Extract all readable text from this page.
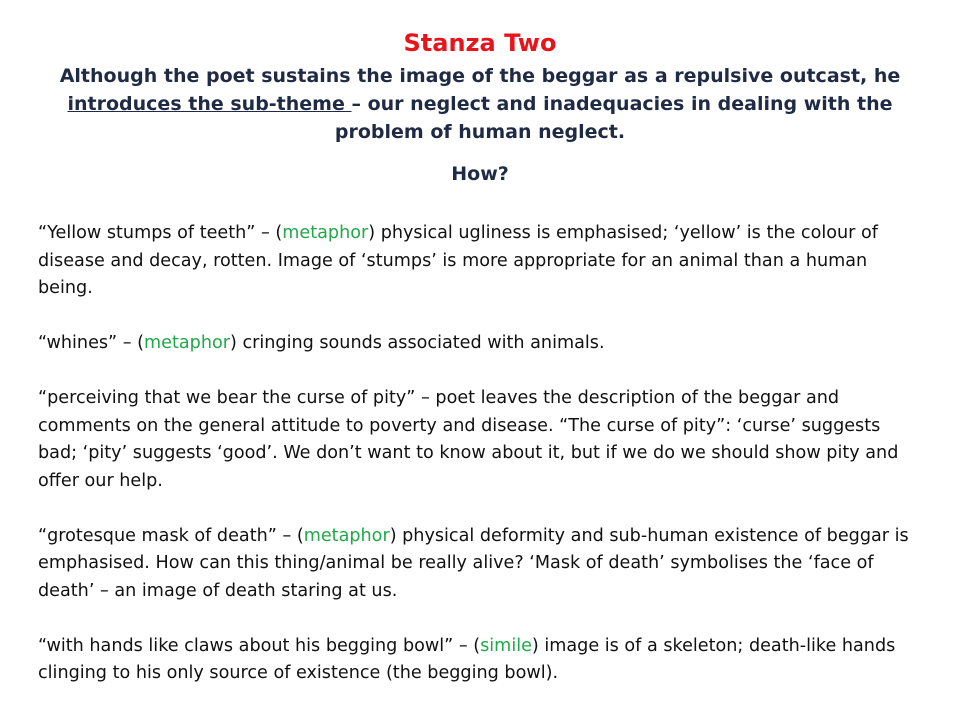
Stanza Two
Although the poet sustains the image of the beggar as a repulsive outcast, he introduces the sub-theme – our neglect and inadequacies in dealing with the problem of human neglect.
How?

“Yellow stumps of teeth” – (metaphor) physical ugliness is emphasised; ‘yellow’ is the colour of disease and decay, rotten. Image of ‘stumps’ is more appropriate for an animal than a human being.

“whines” – (metaphor) cringing sounds associated with animals.

“perceiving that we bear the curse of pity” – poet leaves the description of the beggar and comments on the general attitude to poverty and disease. “The curse of pity”: ‘curse’ suggests bad; ‘pity’ suggests ‘good’. We don’t want to know about it, but if we do we should show pity and offer our help.

“grotesque mask of death” – (metaphor) physical deformity and sub-human existence of beggar is emphasised. How can this thing/animal be really alive? ‘Mask of death’ symbolises the ‘face of death’ – an image of death staring at us.

“with hands like claws about his begging bowl” – (simile) image is of a skeleton; death-like hands clinging to his only source of existence (the begging bowl).
